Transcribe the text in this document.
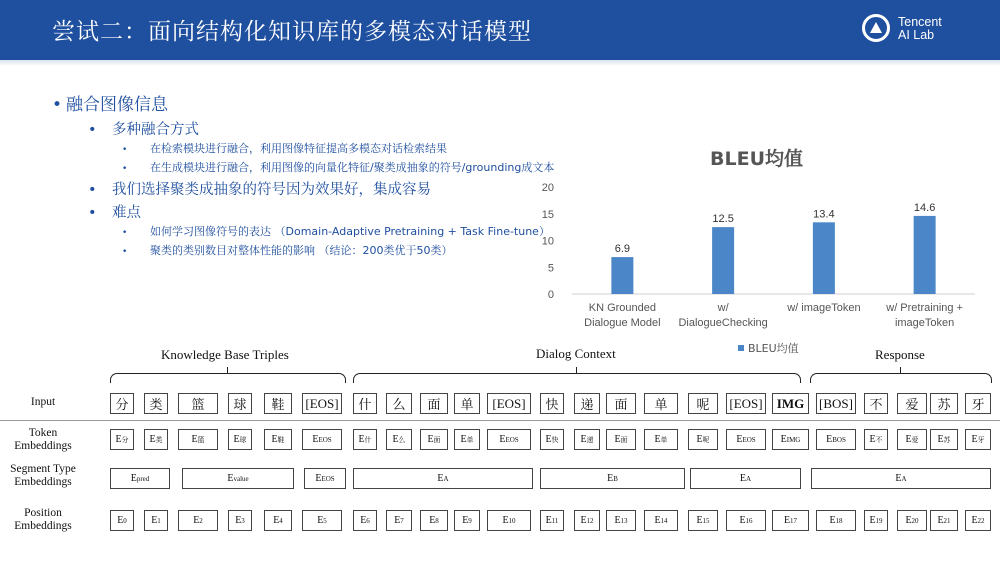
尝试二：面向结构化知识库的多模态对话模型	Tencent
AI Lab
• 融合图像信息
• 多种融合方式
• 在检索模块进行融合，利用图像特征提高多模态对话检索结果
• 在生成模块进行融合，利用图像的向量化特征/聚类成抽象的符号/grounding成文本
• 我们选择聚类成抽象的符号因为效果好，集成容易
• 难点
• 如何学习图像符号的表达 （Domain-Adaptive Pretraining + Task Fine-tune）
• 聚类的类别数目对整体性能的影响 （结论：200类优于50类）
BLEU均值
0
5
10
15
20
6.9
KN Grounded
Dialogue Model
12.5
w/
DialogueChecking
13.4
w/ imageToken
14.6
w/ Pretraining +
imageToken
BLEU均值
Knowledge Base Triples	Dialog Context	Response
Input
Token
Embeddings
Segment Type
Embeddings
Position
Embeddings
分	类	篮	球	鞋	[EOS]	什	么	面	单	[EOS]	快	递	面	单	呢	[EOS]	IMG	[BOS]	不	爱	苏	牙
E 分	E 类	E 篮	E 球	E 鞋	E EOS	E 什	E 么	E 面	E 单	E EOS	E 快	E 递	E 面	E 单	E 呢	E EOS	E IMG	E BOS	E 不	E 爱	E 苏	E 牙
E pred	E value	E EOS	E A	E B	E A	E A
E 0	E 1	E 2	E 3	E 4	E 5	E 6	E 7	E 8	E 9	E 10	E 11	E 12	E 13	E 14	E 15	E 16	E 17	E 18	E 19	E 20	E 21	E 22
